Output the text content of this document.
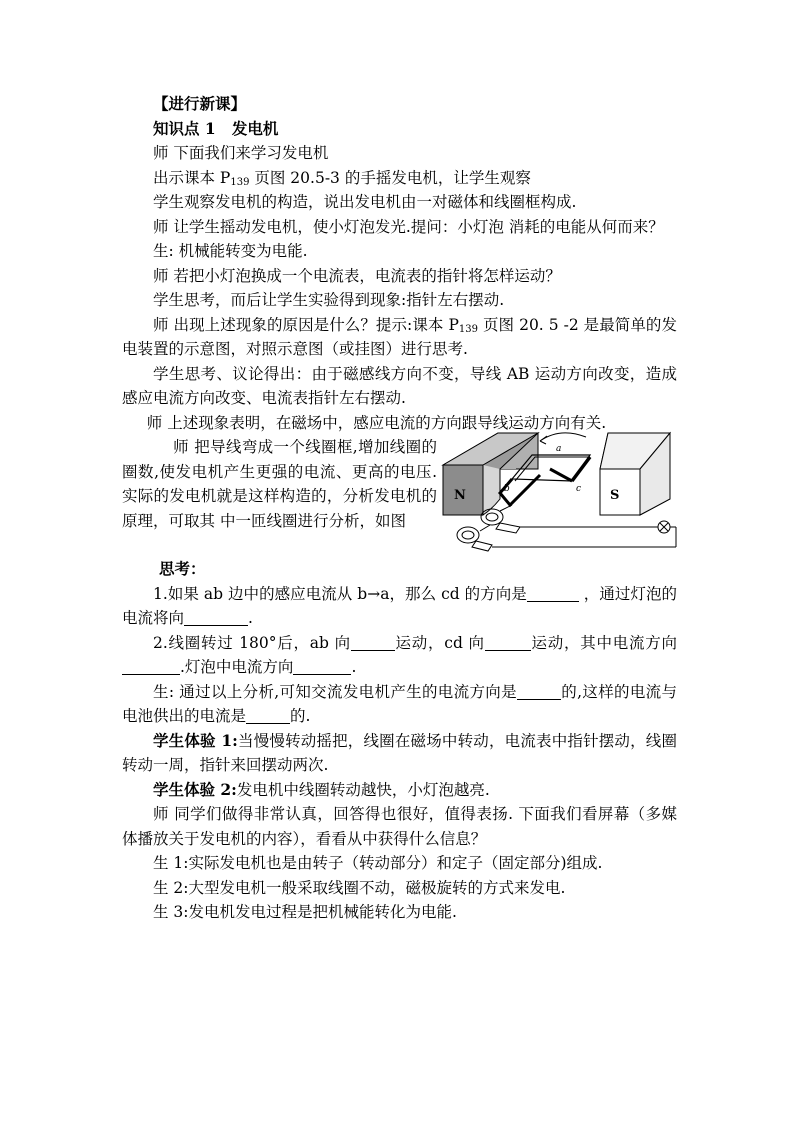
【进行新课】

知识点 1 发电机

师 下面我们来学习发电机

出示课本 $P_{139}$ 页图 20.5-3 的手摇发电机，让学生观察

学生观察发电机的构造，说出发电机由一对磁体和线圈框构成.

师 让学生摇动发电机，使小灯泡发光.提问：小灯泡 消耗的电能从何而来？

生: 机械能转变为电能.

师 若把小灯泡换成一个电流表，电流表的指针将怎样运动？

学生思考，而后让学生实验得到现象:指针左右摆动.

师 出现上述现象的原因是什么？提示:课本 $P_{139}$ 页图 20. 5 -2 是最简单的发电装置的示意图，对照示意图（或挂图）进行思考.

学生思考、议论得出：由于磁感线方向不变，导线 AB 运动方向改变，造成感应电流方向改变、电流表指针左右摆动.

师 上述现象表明，在磁场中，感应电流的方向跟导线运动方向有关.

师 把导线弯成一个线圈框,增加线圈的圈数,使发电机产生更强的电流、更高的电压.实际的发电机就是这样构造的，分析发电机的原理，可取其 中一匝线圈进行分析，如图

N	S
a
b	c

思考：

1.如果 ab 边中的感应电流从 b→a，那么 cd 的方向是	，通过灯泡的电流将向	.

2.线圈转过 180°后，ab 向	运动，cd 向	运动，其中电流方向.灯泡中电流方向	.

生: 通过以上分析,可知交流发电机产生的电流方向是	的,这样的电流与电池供出的电流是	的.

学生体验 1:当慢慢转动摇把，线圈在磁场中转动，电流表中指针摆动，线圈转动一周，指针来回摆动两次.

学生体验 2:发电机中线圈转动越快，小灯泡越亮.

师 同学们做得非常认真，回答得也很好，值得表扬. 下面我们看屏幕（多媒体播放关于发电机的内容），看看从中获得什么信息？

生 1:实际发电机也是由转子（转动部分）和定子（固定部分)组成.

生 2:大型发电机一般采取线圈不动，磁极旋转的方式来发电.

生 3:发电机发电过程是把机械能转化为电能.
